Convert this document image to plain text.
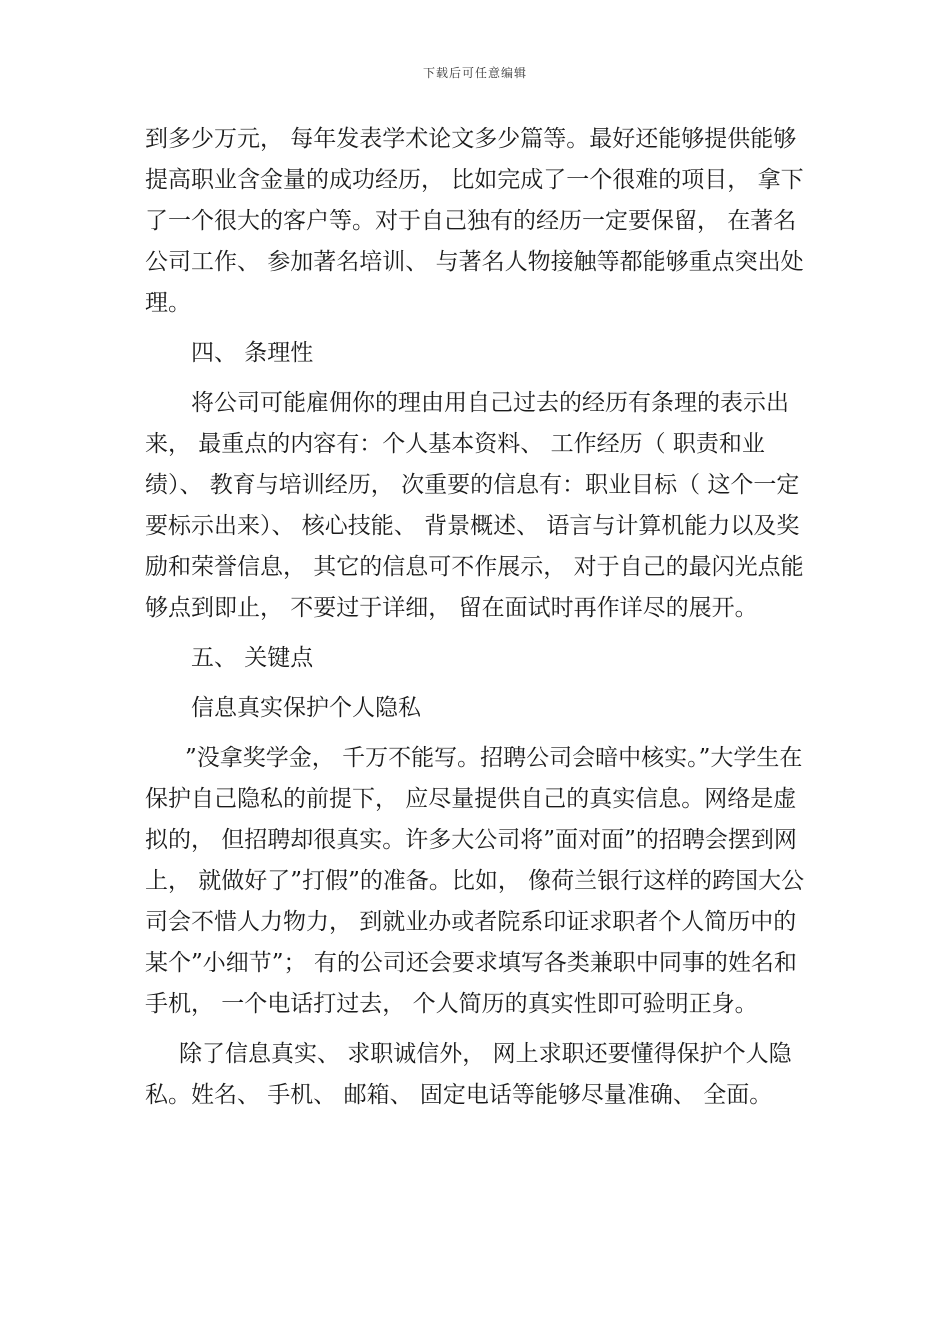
下载后可任意编辑

到多少万元， 每年发表学术论文多少篇等。最好还能够提供能够提高职业含金量的成功经历， 比如完成了一个很难的项目， 拿下了一个很大的客户等。对于自己独有的经历一定要保留， 在著名公司工作、 参加著名培训、 与著名人物接触等都能够重点突出处理。

四、 条理性

将公司可能雇佣你的理由用自己过去的经历有条理的表示出来， 最重点的内容有：个人基本资料、 工作经历（ 职责和业绩）、 教育与培训经历， 次重要的信息有：职业目标（ 这个一定要标示出来）、 核心技能、 背景概述、 语言与计算机能力以及奖励和荣誉信息， 其它的信息可不作展示， 对于自己的最闪光点能够点到即止， 不要过于详细， 留在面试时再作详尽的展开。

五、 关键点

信息真实保护个人隐私

”没拿奖学金， 千万不能写。招聘公司会暗中核实。”大学生在保护自己隐私的前提下， 应尽量提供自己的真实信息。网络是虚拟的， 但招聘却很真实。许多大公司将”面对面”的招聘会摆到网上， 就做好了”打假”的准备。比如， 像荷兰银行这样的跨国大公司会不惜人力物力， 到就业办或者院系印证求职者个人简历中的某个”小细节”； 有的公司还会要求填写各类兼职中同事的姓名和手机， 一个电话打过去， 个人简历的真实性即可验明正身。

除了信息真实、 求职诚信外， 网上求职还要懂得保护个人隐私。姓名、 手机、 邮箱、 固定电话等能够尽量准确、 全面。
